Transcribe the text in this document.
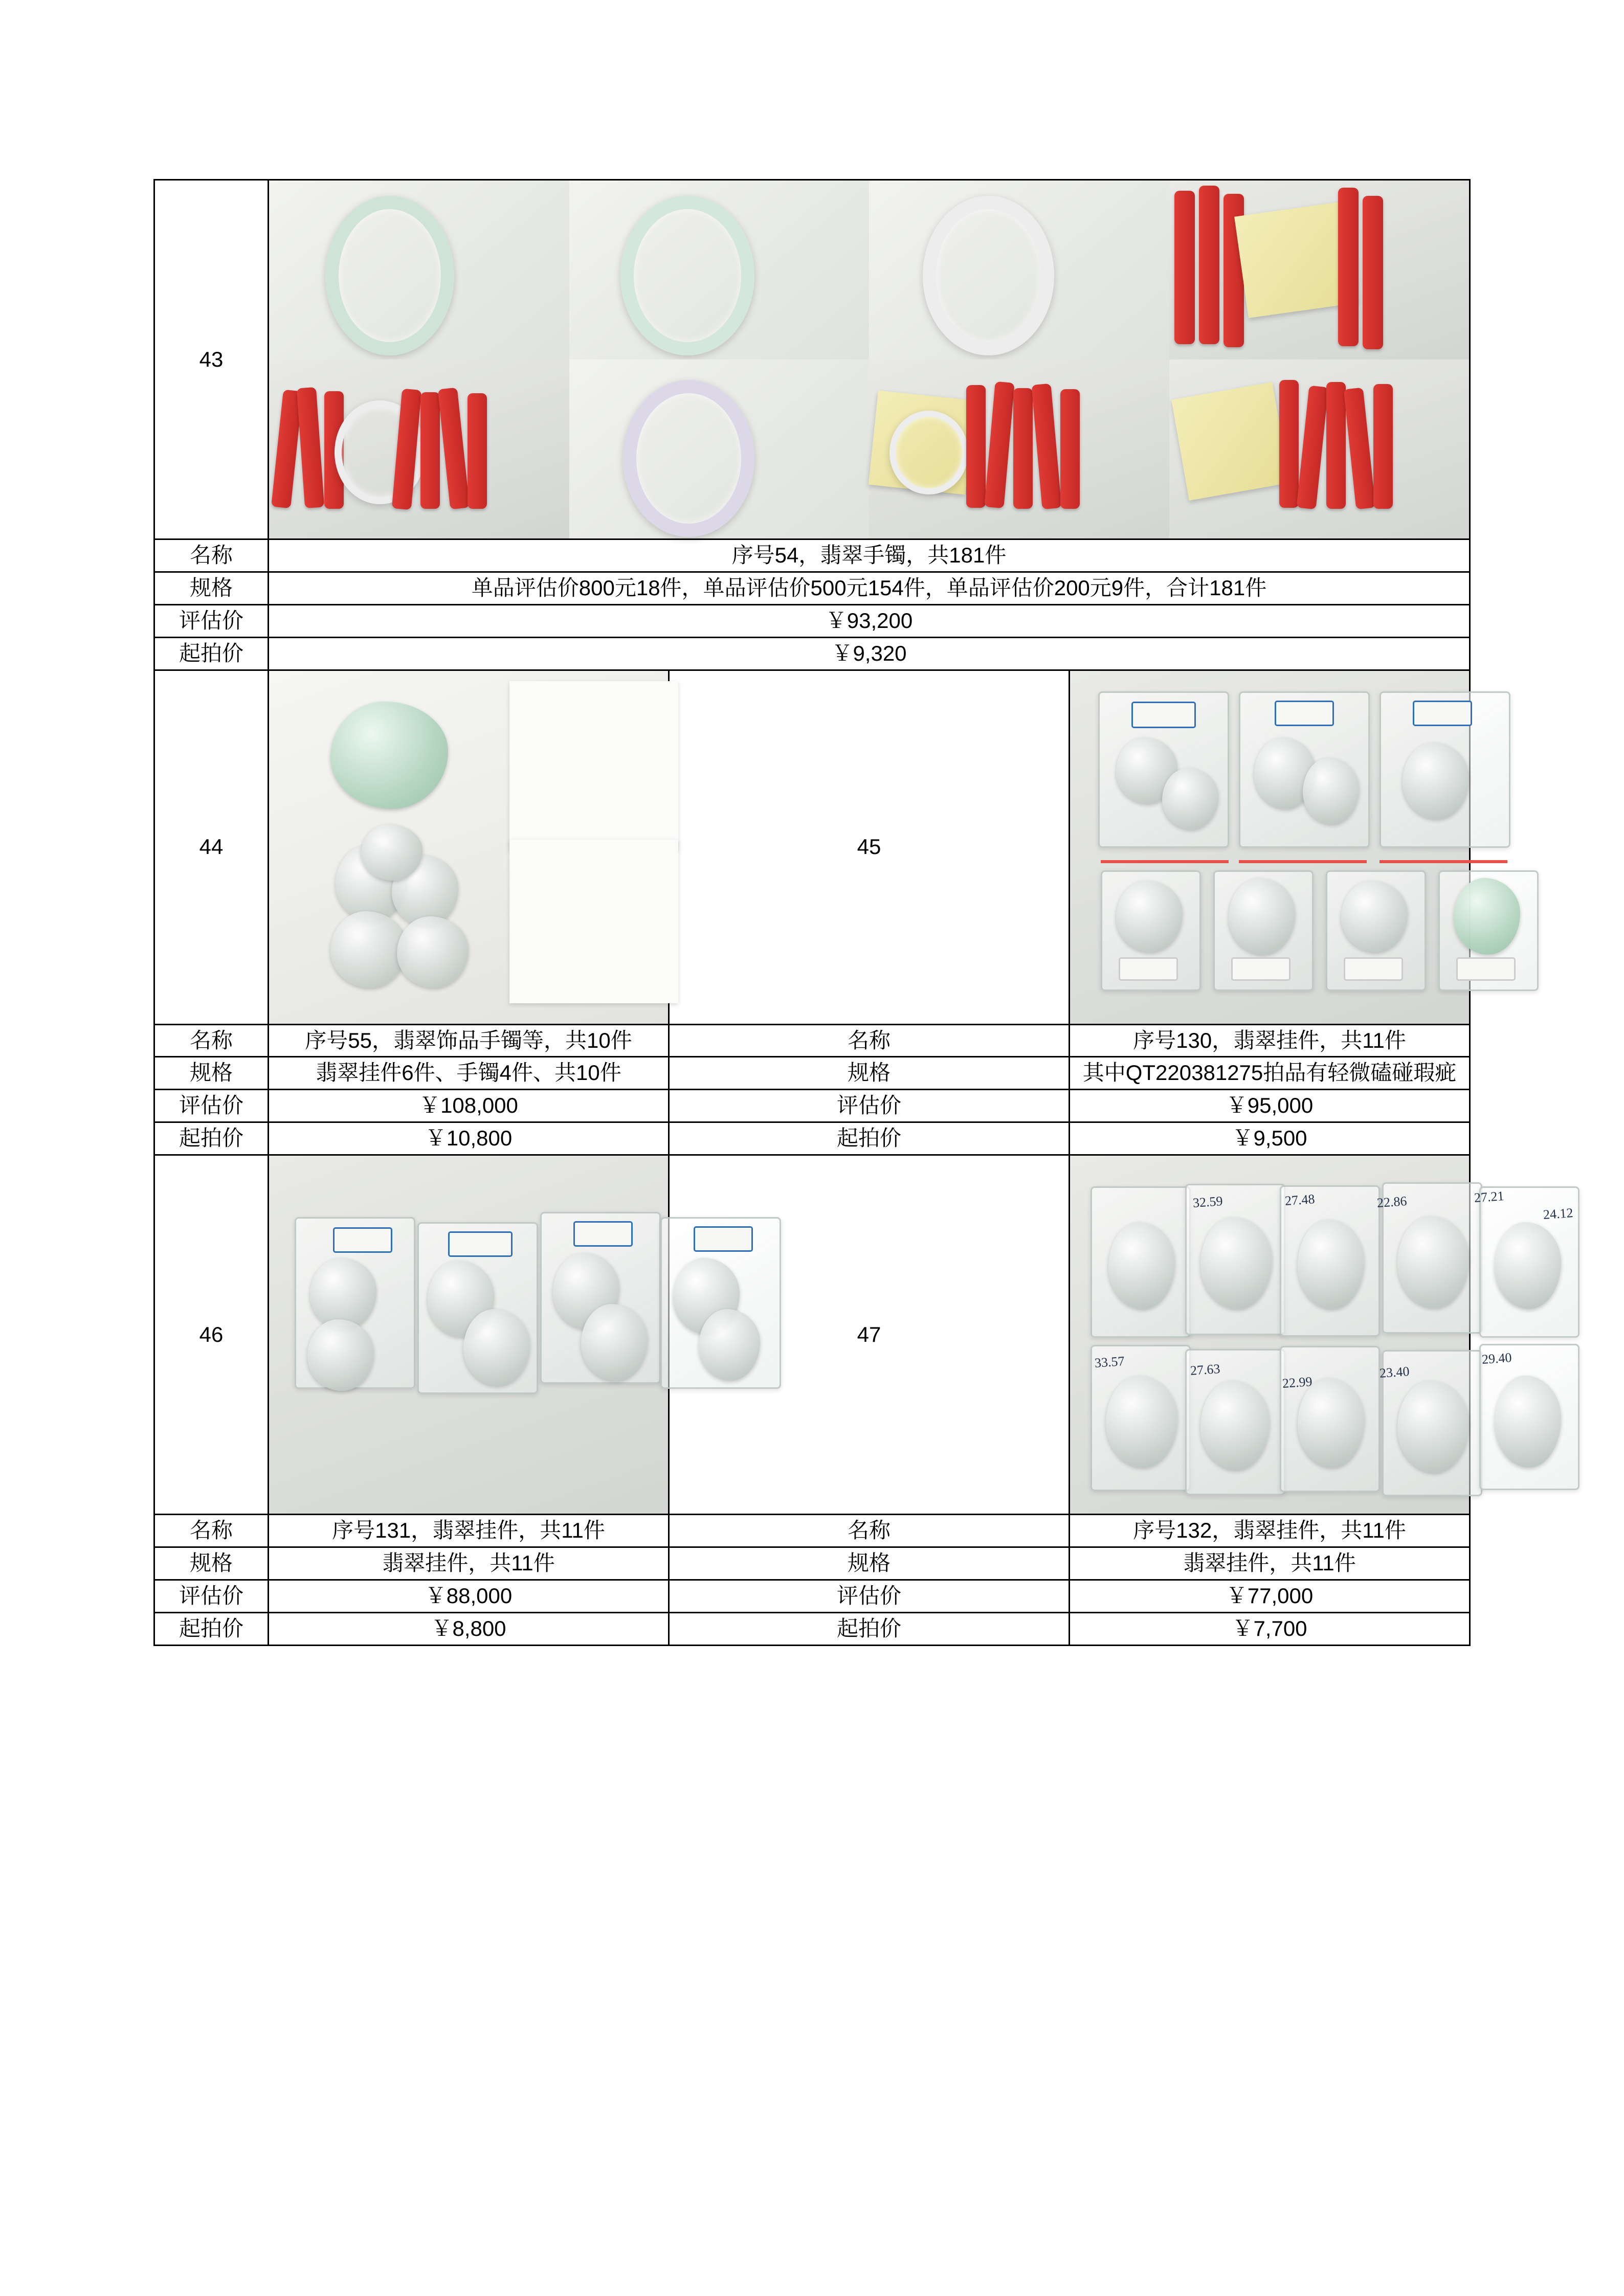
43			

名称	序号54，翡翠手镯，共181件		
规格	单品评估价800元18件，单品评估价500元154件，单品评估价200元9件，合计181件		
评估价	￥93,200		
起拍价	￥9,320		
44		45	

名称	序号55，翡翠饰品手镯等，共10件	名称	序号130，翡翠挂件，共11件
规格	翡翠挂件6件、手镯4件、共10件	规格	其中QT220381275拍品有轻微磕碰瑕疵
评估价	￥108,000	评估价	￥95,000
起拍价	￥10,800	起拍价	￥9,500
46		47	
32.59	27.48	22.86	27.21
24.12
33.57	27.63
22.99
23.40
29.40

名称	序号131，翡翠挂件，共11件	名称	序号132，翡翠挂件，共11件
规格	翡翠挂件，共11件	规格	翡翠挂件，共11件
评估价	￥88,000	评估价	￥77,000
起拍价	￥8,800	起拍价	￥7,700
